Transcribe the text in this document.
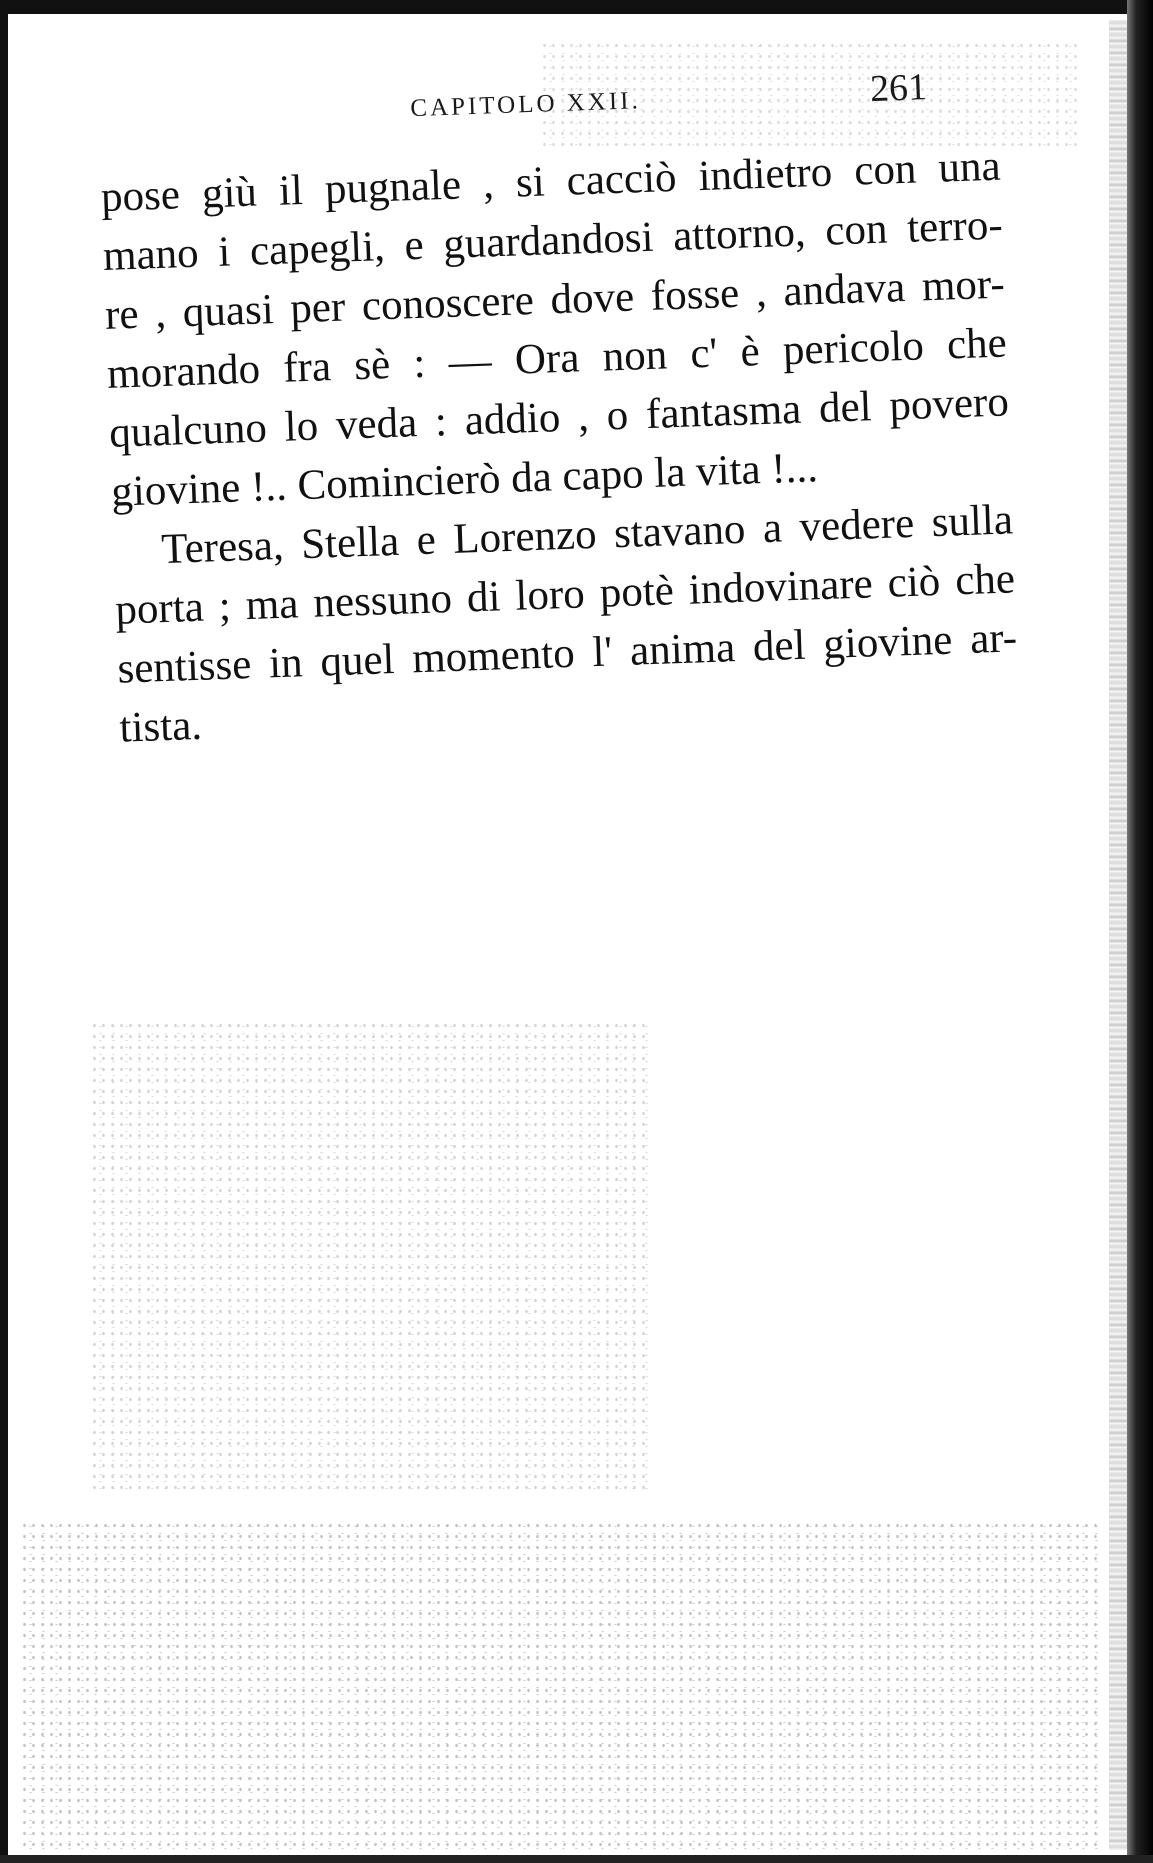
CAPITOLO XXII.	261
pose giù il pugnale , si cacciò indietro con una
mano i capegli, e guardandosi attorno, con terro-
re , quasi per conoscere dove fosse , andava mor-
morando fra sè : — Ora non c' è pericolo che
qualcuno lo veda : addio , o fantasma del povero
giovine !.. Comincierò da capo la vita !...
Teresa, Stella e Lorenzo stavano a vedere sulla
porta ; ma nessuno di loro potè indovinare ciò che
sentisse in quel momento l' anima del giovine ar-
tista.
